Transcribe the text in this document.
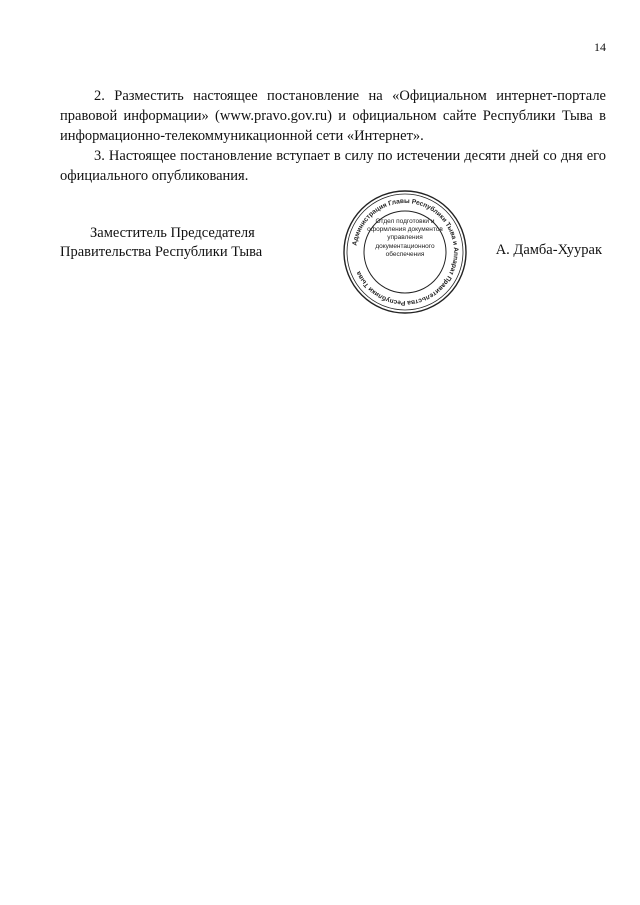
14

2. Разместить настоящее постановление на «Официальном интернет-портале правовой информации» (www.pravo.gov.ru) и официальном сайте Республики Тыва в информационно-телекоммуникационной сети «Интернет».

3. Настоящее постановление вступает в силу по истечении десяти дней со дня его официального опубликования.

Заместитель Председателя
Правительства Республики Тыва	А. Дамба-Хуурак
Администрация Главы Республики Тыва и Аппарат Правительства Республики Тыва
Отдел подготовки и оформления документов управления документационного обеспечения
